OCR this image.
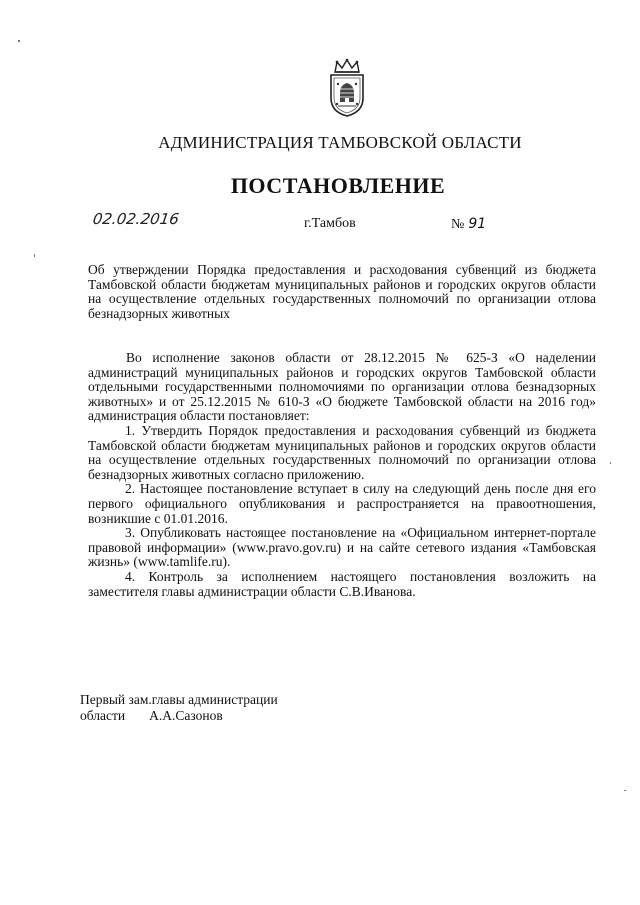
АДМИНИСТРАЦИЯ ТАМБОВСКОЙ ОБЛАСТИ
ПОСТАНОВЛЕНИЕ
02.02.2016	г.Тамбов	№ 91
Об утверждении Порядка предоставления и расходования субвенций из бюджета Тамбовской области бюджетам муниципальных районов и городских округов области на осуществление отдельных государственных полномочий по организации отлова безнадзорных животных

Во исполнение законов области от 28.12.2015 № 625-З «О наделении администраций муниципальных районов и городских округов Тамбовской области отдельными государственными полномочиями по организации отлова безнадзорных животных» и от 25.12.2015 № 610-З «О бюджете Тамбовской области на 2016 год» администрация области постановляет:

1. Утвердить Порядок предоставления и расходования субвенций из бюджета Тамбовской области бюджетам муниципальных районов и городских округов области на осуществление отдельных государственных полномочий по организации отлова безнадзорных животных согласно приложению.

2. Настоящее постановление вступает в силу на следующий день после дня его первого официального опубликования и распространяется на правоотношения, возникшие с 01.01.2016.

3. Опубликовать настоящее постановление на «Официальном интернет-портале правовой информации» (www.pravo.gov.ru) и на сайте сетевого издания «Тамбовская жизнь» (www.tamlife.ru).

4. Контроль за исполнением настоящего постановления возложить на заместителя главы администрации области С.В.Иванова.

Первый зам.главы администрации
области А.А.Сазонов
